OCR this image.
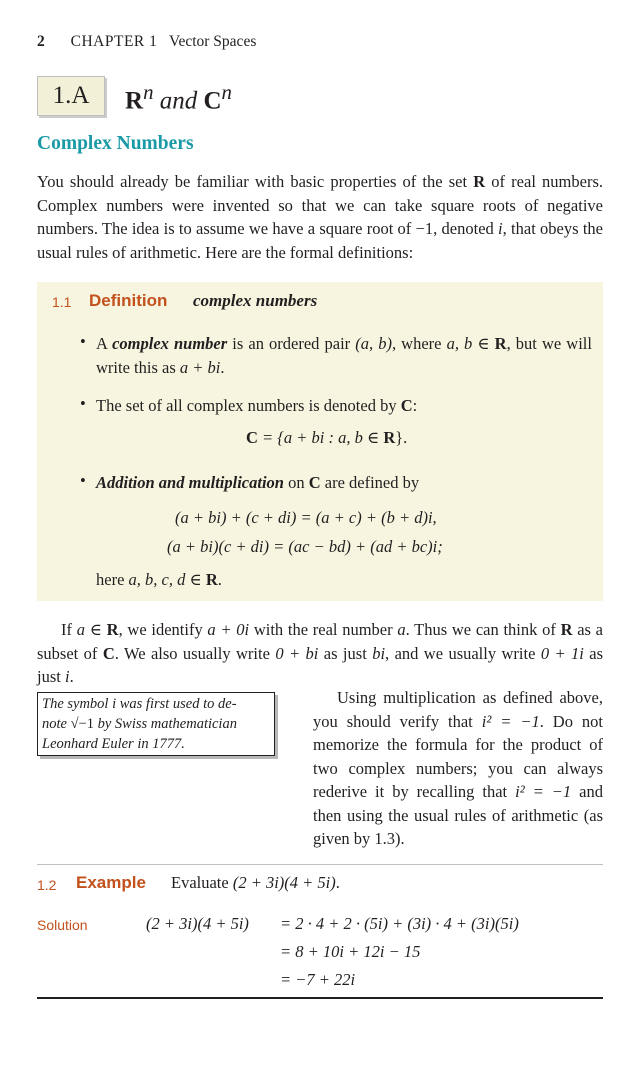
2 CHAPTER 1 Vector Spaces
1.A	$R^n$ and $C^n$
Complex Numbers

You should already be familiar with basic properties of the set R of real numbers. Complex numbers were invented so that we can take square roots of negative numbers. The idea is to assume we have a square root of −1, denoted i, that obeys the usual rules of arithmetic. Here are the formal definitions:

1.1 Definition complex numbers
• A complex number is an ordered pair (a, b), where a, b ∈ R, but we will write this as a + bi.
• The set of all complex numbers is denoted by C:
C = {a + bi : a, b ∈ R}.
• Addition and multiplication on C are defined by
(a + bi) + (c + di) = (a + c) + (b + d)i,
(a + bi)(c + di) = (ac − bd) + (ad + bc)i;
here a, b, c, d ∈ R.

If a ∈ R, we identify a + 0i with the real number a. Thus we can think of R as a subset of C. We also usually write 0 + bi as just bi, and we usually write 0 + 1i as just i.

The symbol i was first used to de-
note √−1 by Swiss mathematician
Leonhard Euler in 1777.
Using multiplication as defined above, you should verify that i² = −1. Do not memorize the formula for the product of two complex numbers; you can always rederive it by recalling that i² = −1 and then using the usual rules of arithmetic (as given by 1.3).
1.2 Example Evaluate (2 + 3i)(4 + 5i).
Solution	(2 + 3i)(4 + 5i) = 2 · 4 + 2 · (5i) + (3i) · 4 + (3i)(5i)
= 8 + 10i + 12i − 15
= −7 + 22i
